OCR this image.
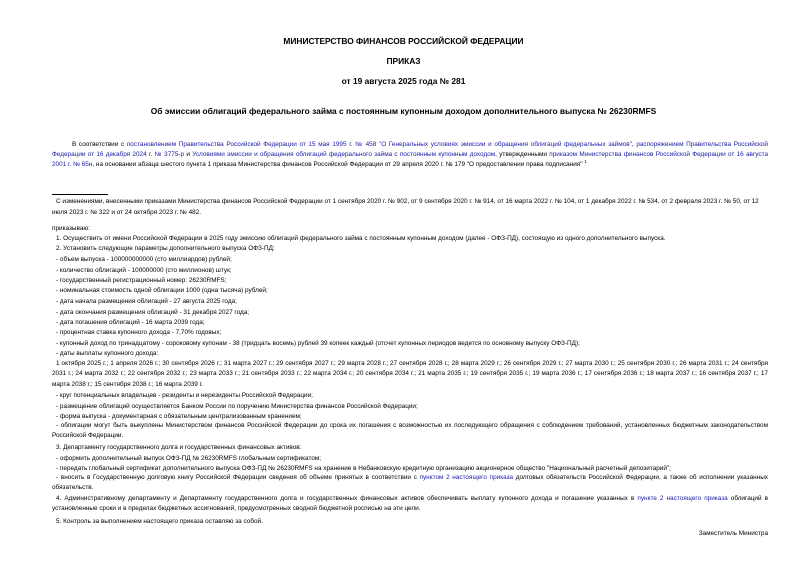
МИНИСТЕРСТВО ФИНАНСОВ РОССИЙСКОЙ ФЕДЕРАЦИИ
ПРИКАЗ
от 19 августа 2025 года № 281
Об эмиссии облигаций федерального займа с постоянным купонным доходом дополнительного выпуска № 26230RMFS
В соответствии с постановлением Правительства Российской Федерации от 15 мая 1995 г. № 458 "О Генеральных условиях эмиссии и обращения облигаций федеральных займов", распоряжением Правительства Российской Федерации от 16 декабря 2024 г. № 3775-р и Условиями эмиссии и обращения облигаций федерального займа с постоянным купонным доходом, утвержденными приказом Министерства финансов Российской Федерации от 16 августа 2001 г. № 65н, на основании абзаца шестого пункта 1 приказа Министерства финансов Российской Федерации от 29 апреля 2020 г. № 179 "О предоставлении права подписания" $^1$
С изменениями, внесенными приказами Министерства финансов Российской Федерации от 1 сентября 2020 г. № 902, от 9 сентября 2020 г. № 914, от 16 марта 2022 г. № 104, от 1 декабря 2022 г. № 534, от 2 февраля 2023 г. № 50, от 12 июля 2023 г. № 322 и от 24 октября 2023 г. № 482.
приказываю:
1. Осуществить от имени Российской Федерации в 2025 году эмиссию облигаций федерального займа с постоянным купонным доходом (далее - ОФЗ-ПД), состоящую из одного дополнительного выпуска.
2. Установить следующие параметры дополнительного выпуска ОФЗ-ПД:
- объем выпуска - 100000000000 (сто миллиардов) рублей;
- количество облигаций - 100000000 (сто миллионов) штук;
- государственный регистрационный номер: 26230RMFS;
- номинальная стоимость одной облигации 1000 (одна тысяча) рублей;
- дата начала размещения облигаций - 27 августа 2025 года;
- дата окончания размещения облигаций - 31 декабря 2027 года;
- дата погашения облигаций - 16 марта 2039 года;
- процентная ставка купонного дохода - 7,70% годовых;
- купонный доход по тринадцатому - сороковому купонам - 38 (тридцать восемь) рублей 39 копеек каждый (отсчет купонных периодов ведется по основному выпуску ОФЗ-ПД);
- даты выплаты купонного дохода:
1 октября 2025 г.; 1 апреля 2026 г.; 30 сентября 2026 г.; 31 марта 2027 г.; 29 сентября 2027 г.; 29 марта 2028 г.; 27 сентября 2028 г.; 28 марта 2029 г.; 26 сентября 2029 г.; 27 марта 2030 г.; 25 сентября 2030 г.; 26 марта 2031 г.; 24 сентября 2031 г.; 24 марта 2032 г.; 22 сентября 2032 г.; 23 марта 2033 г.; 21 сентября 2033 г.; 22 марта 2034 г.; 20 сентября 2034 г.; 21 марта 2035 г.; 19 сентября 2035 г.; 19 марта 2036 г.; 17 сентября 2036 г.; 18 марта 2037 г.; 16 сентября 2037 г.; 17 марта 2038 г.; 15 сентября 2038 г.; 16 марта 2039 г.
- круг потенциальных владельцев - резиденты и нерезиденты Российской Федерации;
- размещение облигаций осуществляется Банком России по поручению Министерства финансов Российской Федерации;
- форма выпуска - документарная с обязательным централизованным хранением;
- облигации могут быть выкуплены Министерством финансов Российской Федерации до срока их погашения с возможностью их последующего обращения с соблюдением требований, установленных бюджетным законодательством Российской Федерации.
3. Департаменту государственного долга и государственных финансовых активов:
- оформить дополнительный выпуск ОФЗ-ПД № 26230RMFS глобальным сертификатом;
- передать глобальный сертификат дополнительного выпуска ОФЗ-ПД № 26230RMFS на хранение в Небанковскую кредитную организацию акционерное общество "Национальный расчетный депозитарий";
- вносить в Государственную долговую книгу Российской Федерации сведения об объеме принятых в соответствии с пунктом 2 настоящего приказа долговых обязательств Российской Федерации, а также об исполнении указанных обязательств.
4. Административному департаменту и Департаменту государственного долга и государственных финансовых активов обеспечивать выплату купонного дохода и погашение указанных в пункте 2 настоящего приказа облигаций в установленные сроки и в пределах бюджетных ассигнований, предусмотренных сводной бюджетной росписью на эти цели.
5. Контроль за выполнением настоящего приказа оставляю за собой.
Заместитель Министра
